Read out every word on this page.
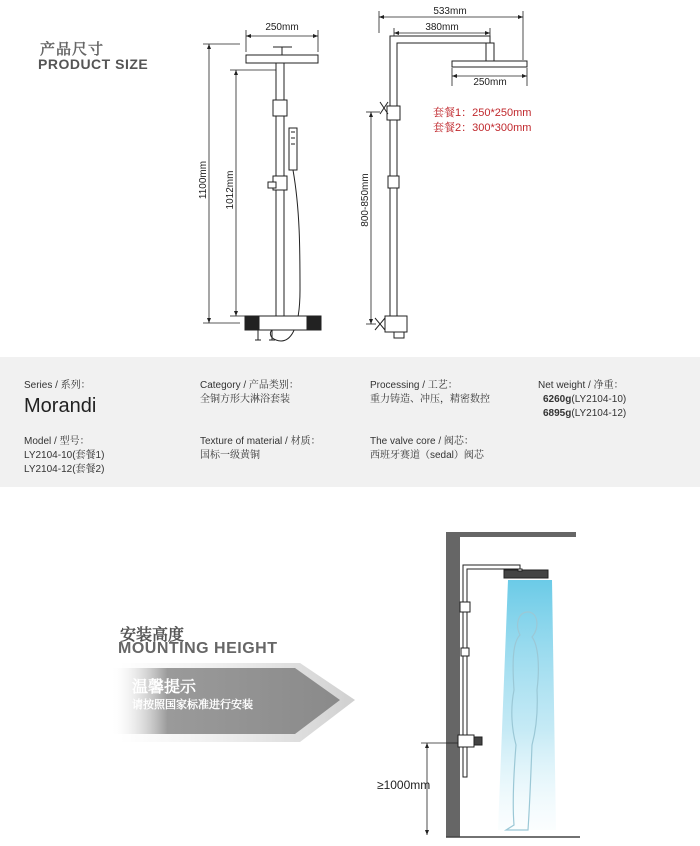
产品尺寸
PRODUCT SIZE
250mm
1100mm 1012mm
533mm
380mm
250mm
800-850mm
套餐1：250*250mm
套餐2：300*300mm
Series / 系列：
Morandi
Category / 产品类别：
全铜方形大淋浴套装
Processing / 工艺：
重力铸造、冲压，精密数控
Net weight / 净重：
6260g(LY2104-10)
6895g(LY2104-12)
Model / 型号：
LY2104-10(套餐1)
LY2104-12(套餐2)
Texture of material / 材质：
国标一级黄铜
The valve core / 阀芯：
西班牙赛道（sedal）阀芯
安装高度
MOUNTING HEIGHT
温馨提示
请按照国家标准进行安装
≥1000mm
